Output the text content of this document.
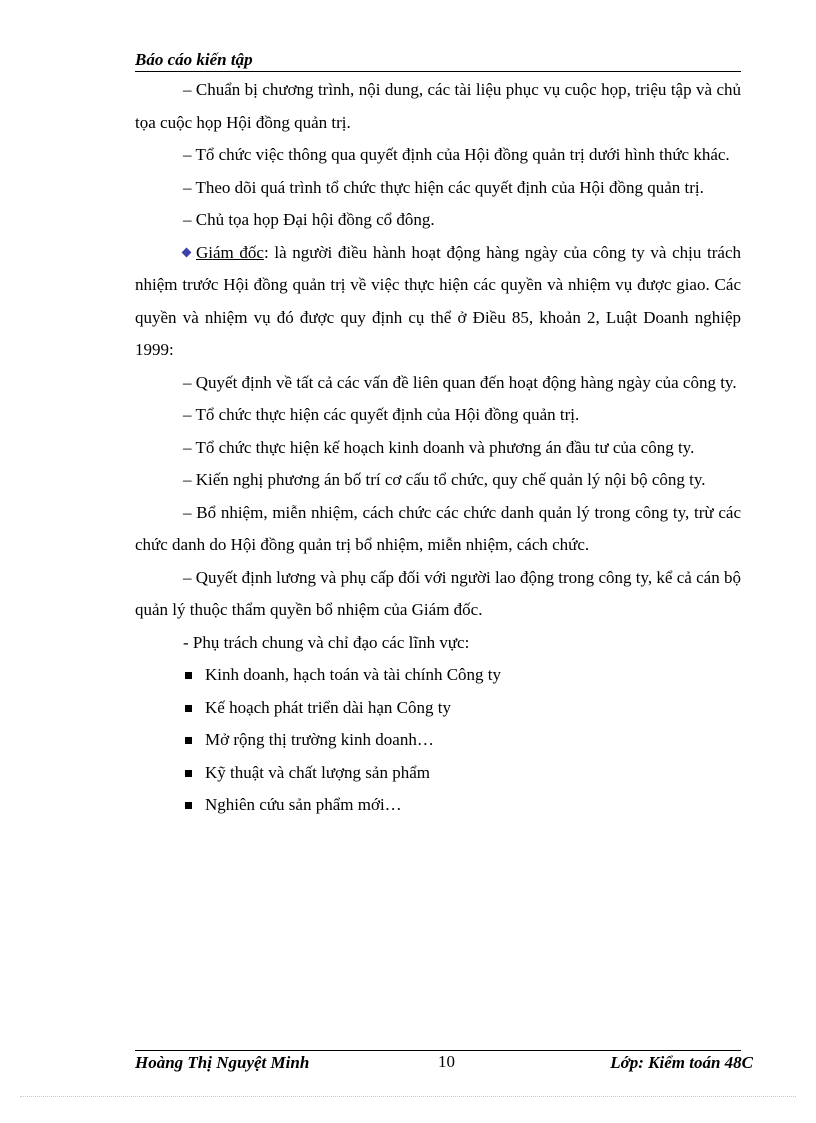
Báo cáo kiến tập
– Chuẩn bị chương trình, nội dung, các tài liệu phục vụ cuộc họp, triệu tập và chủ tọa cuộc họp Hội đồng quản trị.
– Tổ chức việc thông qua quyết định của Hội đồng quản trị dưới hình thức khác.
– Theo dõi quá trình tổ chức thực hiện các quyết định của Hội đồng quản trị.
– Chủ tọa họp Đại hội đồng cổ đông.
Giám đốc: là người điều hành hoạt động hàng ngày của công ty và chịu trách nhiệm trước Hội đồng quản trị về việc thực hiện các quyền và nhiệm vụ được giao. Các quyền và nhiệm vụ đó được quy định cụ thể ở Điều 85, khoản 2, Luật Doanh nghiệp 1999:
– Quyết định về tất cả các vấn đề liên quan đến hoạt động hàng ngày của công ty.
– Tổ chức thực hiện các quyết định của Hội đồng quản trị.
– Tổ chức thực hiện kế hoạch kinh doanh và phương án đầu tư của công ty.
– Kiến nghị phương án bố trí cơ cấu tổ chức, quy chế quản lý nội bộ công ty.
– Bổ nhiệm, miễn nhiệm, cách chức các chức danh quản lý trong công ty, trừ các chức danh do Hội đồng quản trị bổ nhiệm, miễn nhiệm, cách chức.
– Quyết định lương và phụ cấp đối với người lao động trong công ty, kể cả cán bộ quản lý thuộc thẩm quyền bổ nhiệm của Giám đốc.
- Phụ trách chung và chỉ đạo các lĩnh vực:
Kinh doanh, hạch toán và tài chính Công ty
Kế hoạch phát triển dài hạn Công ty
Mở rộng thị trường kinh doanh…
Kỹ thuật và chất lượng sản phẩm
Nghiên cứu sản phẩm mới…
Hoàng Thị Nguyệt Minh	10	Lớp: Kiểm toán 48C
